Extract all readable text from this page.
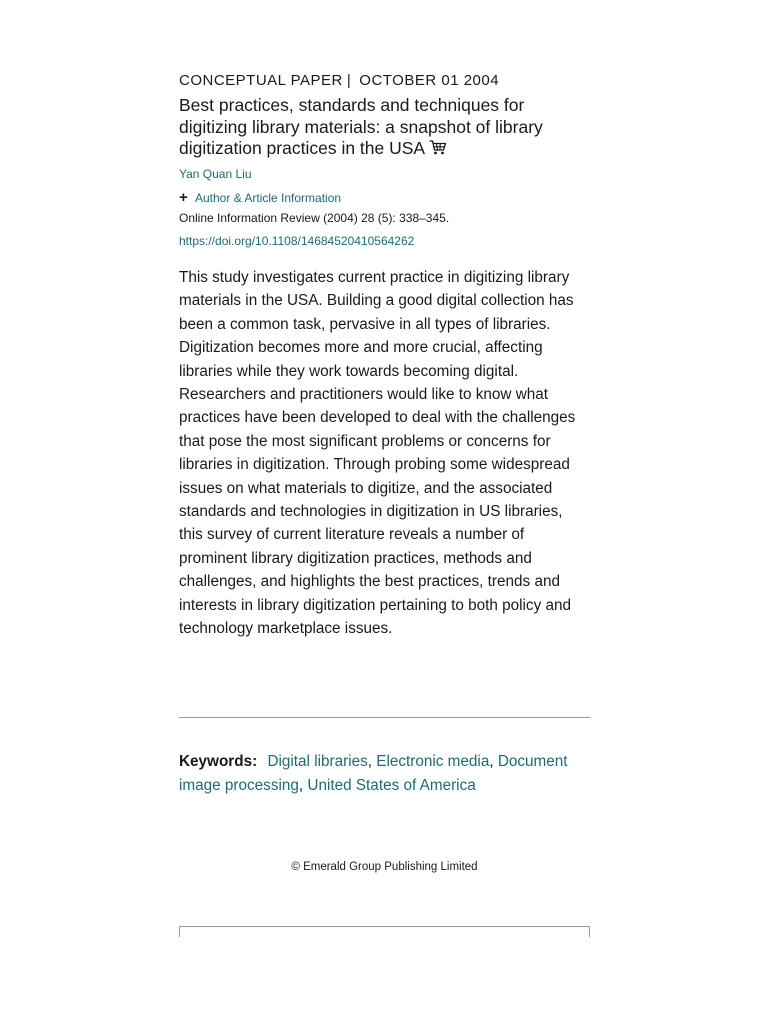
CONCEPTUAL PAPER | OCTOBER 01 2004
Best practices, standards and techniques for digitizing library materials: a snapshot of library digitization practices in the USA
Yan Quan Liu
+ Author & Article Information
Online Information Review (2004) 28 (5): 338–345.
https://doi.org/10.1108/14684520410564262

This study investigates current practice in digitizing library materials in the USA. Building a good digital collection has been a common task, pervasive in all types of libraries. Digitization becomes more and more crucial, affecting libraries while they work towards becoming digital. Researchers and practitioners would like to know what practices have been developed to deal with the challenges that pose the most significant problems or concerns for libraries in digitization. Through probing some widespread issues on what materials to digitize, and the associated standards and technologies in digitization in US libraries, this survey of current literature reveals a number of prominent library digitization practices, methods and challenges, and highlights the best practices, trends and interests in library digitization pertaining to both policy and technology marketplace issues.

Keywords: Digital libraries, Electronic media, Document image processing, United States of America
© Emerald Group Publishing Limited
